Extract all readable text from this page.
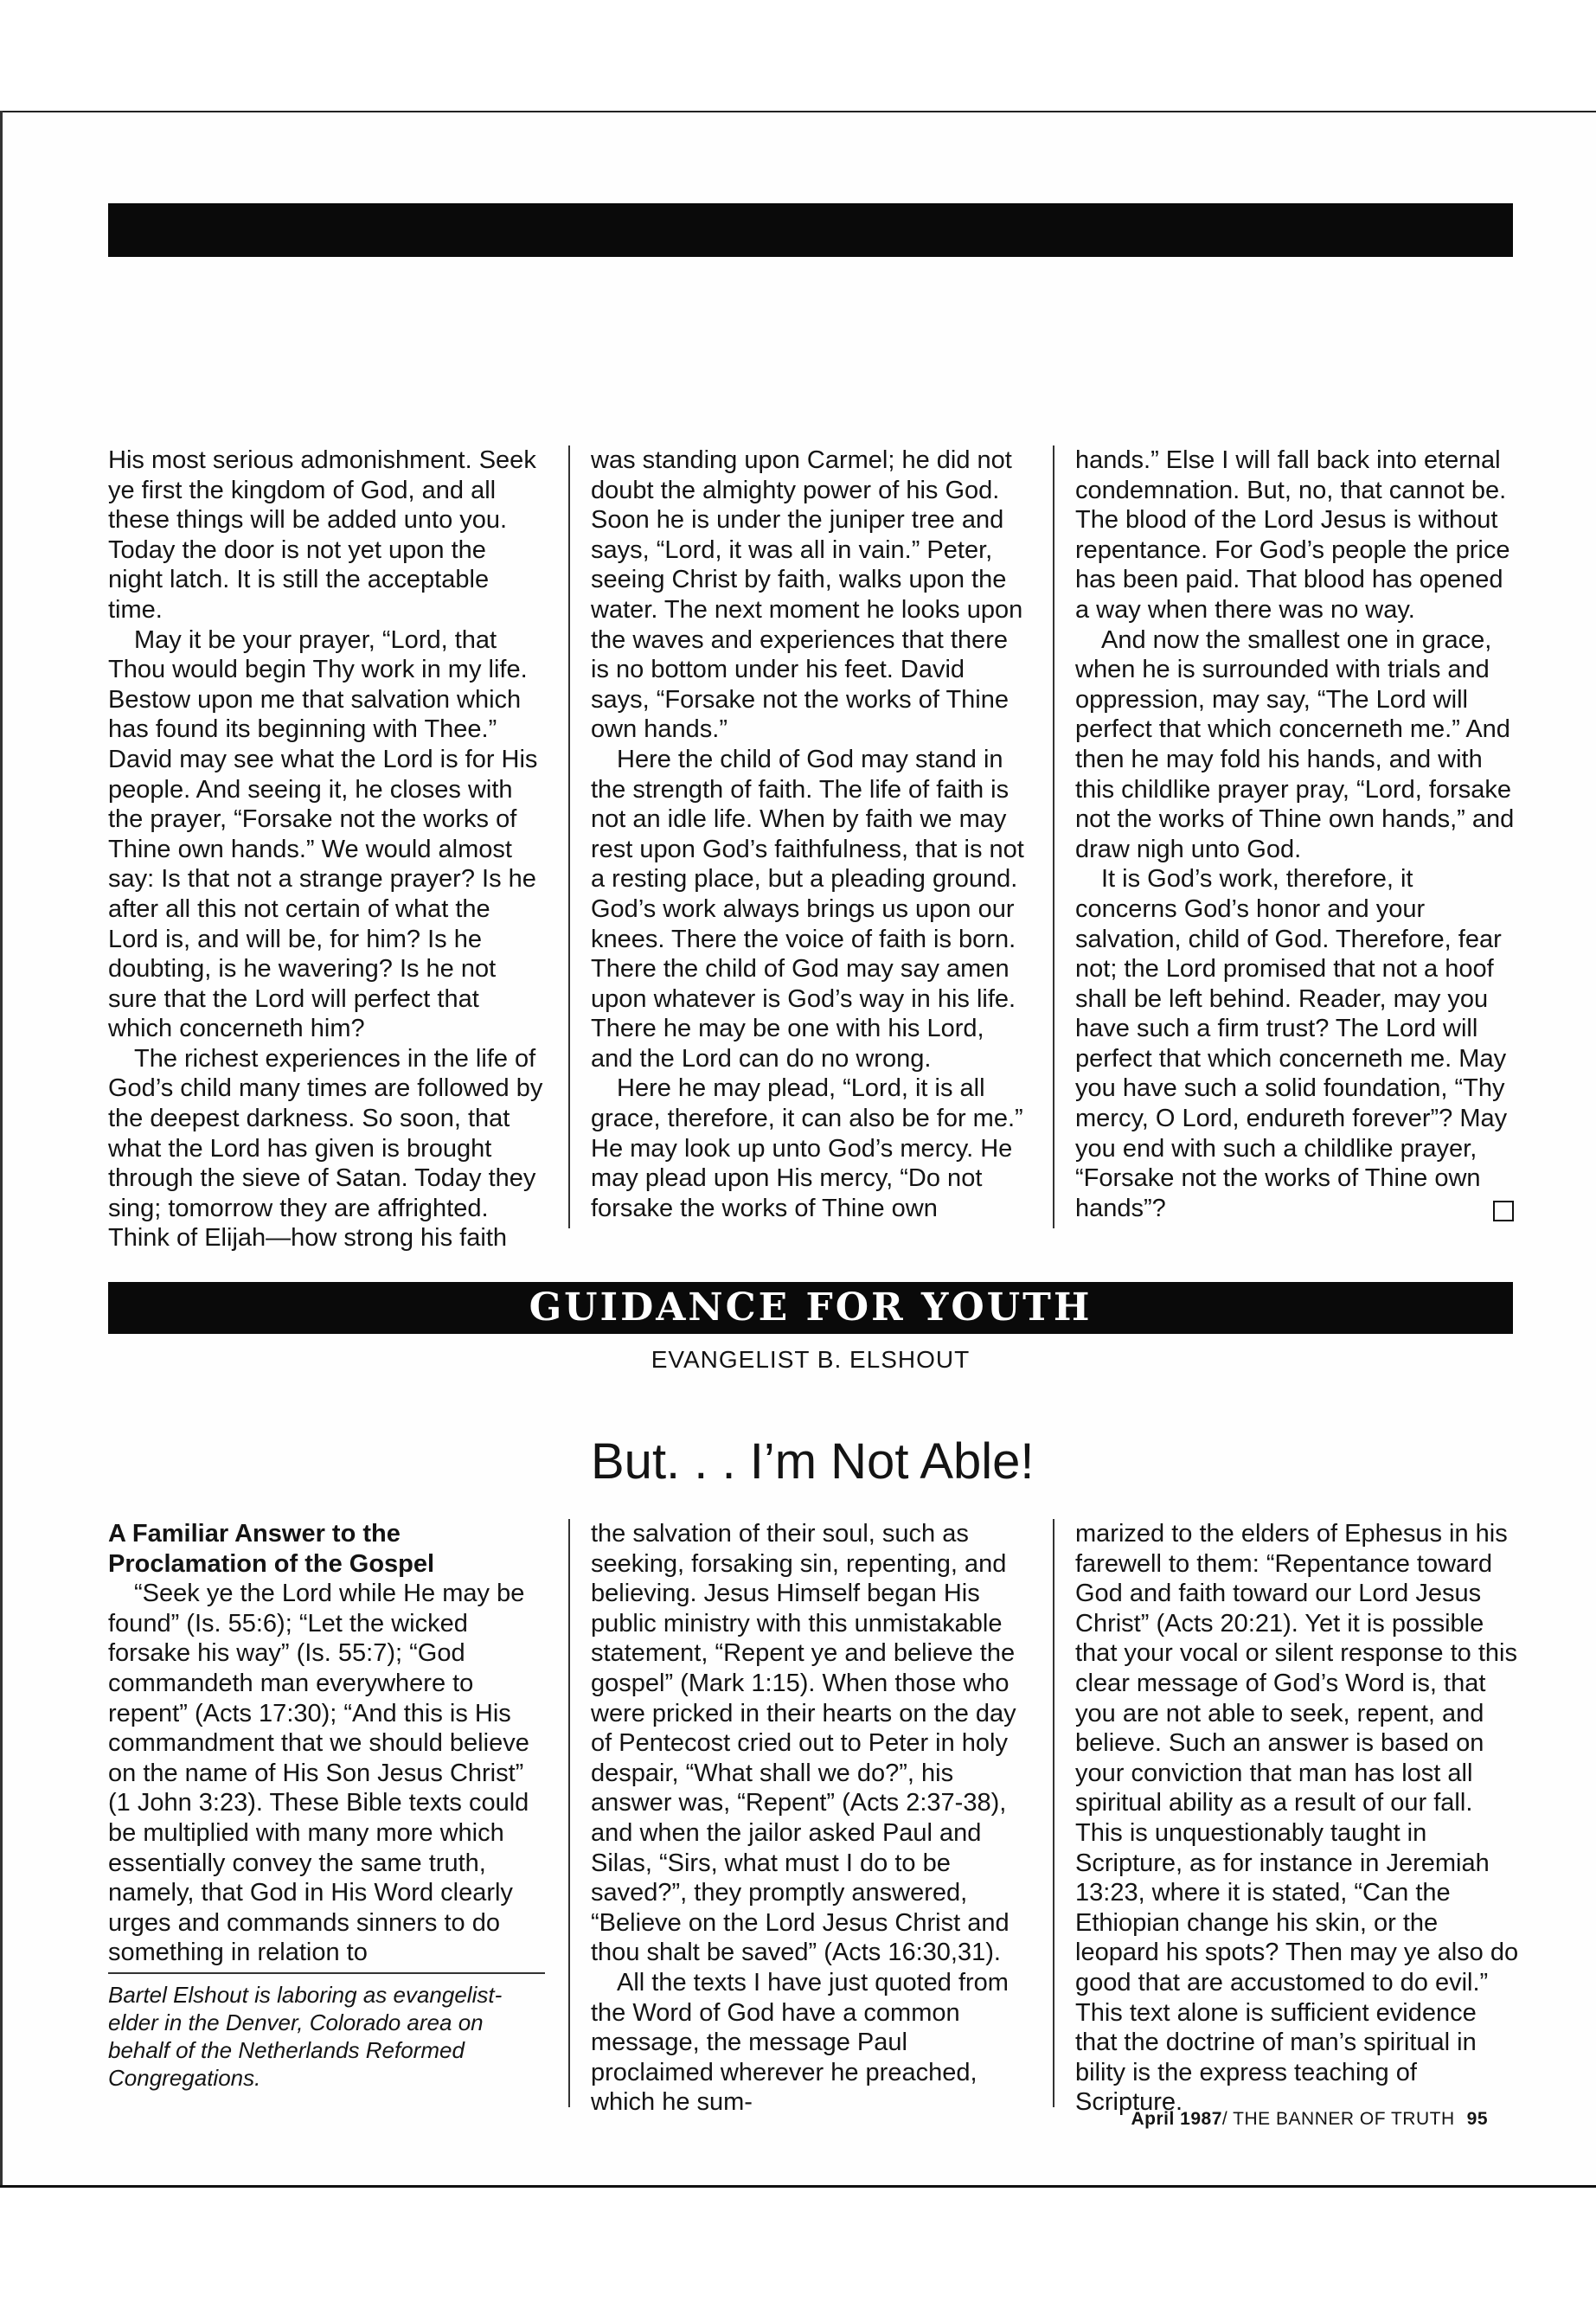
His most serious admonishment. Seek ye first the kingdom of God, and all these things will be added unto you. Today the door is not yet upon the night latch. It is still the acceptable time.

May it be your prayer, “Lord, that Thou would begin Thy work in my life. Bestow upon me that salvation which has found its beginning with Thee.” David may see what the Lord is for His people. And seeing it, he closes with the prayer, “Forsake not the works of Thine own hands.” We would almost say: Is that not a strange prayer? Is he after all this not certain of what the Lord is, and will be, for him? Is he doubting, is he wavering? Is he not sure that the Lord will perfect that which concerneth him?

The richest experiences in the life of God’s child many times are followed by the deepest darkness. So soon, that what the Lord has given is brought through the sieve of Satan. Today they sing; tomorrow they are affrighted. Think of Elijah—how strong his faith

was standing upon Carmel; he did not doubt the almighty power of his God. Soon he is under the juniper tree and says, “Lord, it was all in vain.” Peter, seeing Christ by faith, walks upon the water. The next moment he looks upon the waves and experiences that there is no bottom under his feet. David says, “Forsake not the works of Thine own hands.”

Here the child of God may stand in the strength of faith. The life of faith is not an idle life. When by faith we may rest upon God’s faithfulness, that is not a resting place, but a pleading ground. God’s work always brings us upon our knees. There the voice of faith is born. There the child of God may say amen upon whatever is God’s way in his life. There he may be one with his Lord, and the Lord can do no wrong.

Here he may plead, “Lord, it is all grace, therefore, it can also be for me.” He may look up unto God’s mercy. He may plead upon His mercy, “Do not forsake the works of Thine own

hands.” Else I will fall back into eternal condemnation. But, no, that cannot be. The blood of the Lord Jesus is without repentance. For God’s people the price has been paid. That blood has opened a way when there was no way.

And now the smallest one in grace, when he is surrounded with trials and oppression, may say, “The Lord will perfect that which concerneth me.” And then he may fold his hands, and with this childlike prayer pray, “Lord, forsake not the works of Thine own hands,” and draw nigh unto God.

It is God’s work, therefore, it concerns God’s honor and your salvation, child of God. Therefore, fear not; the Lord promised that not a hoof shall be left behind. Reader, may you have such a firm trust? The Lord will perfect that which concerneth me. May you have such a solid foundation, “Thy mercy, O Lord, endureth forever”? May you end with such a childlike prayer, “Forsake not the works of Thine own hands”?

GUIDANCE FOR YOUTH
EVANGELIST B. ELSHOUT
But. . . I’m Not Able!

A Familiar Answer to the Proclamation of the Gospel

“Seek ye the Lord while He may be found” (Is. 55:6); “Let the wicked forsake his way” (Is. 55:7); “God commandeth man everywhere to repent” (Acts 17:30); “And this is His commandment that we should believe on the name of His Son Jesus Christ” (1 John 3:23). These Bible texts could be multiplied with many more which essentially convey the same truth, namely, that God in His Word clearly urges and commands sinners to do something in relation to

Bartel Elshout is laboring as evangelist-elder in the Denver, Colorado area on behalf of the Netherlands Reformed Congregations.

the salvation of their soul, such as seeking, forsaking sin, repenting, and believing. Jesus Himself began His public ministry with this unmistakable statement, “Repent ye and believe the gospel” (Mark 1:15). When those who were pricked in their hearts on the day of Pentecost cried out to Peter in holy despair, “What shall we do?”, his answer was, “Repent” (Acts 2:37-38), and when the jailor asked Paul and Silas, “Sirs, what must I do to be saved?”, they promptly answered, “Believe on the Lord Jesus Christ and thou shalt be saved” (Acts 16:30,31).

All the texts I have just quoted from the Word of God have a common message, the message Paul proclaimed wherever he preached, which he sum-

marized to the elders of Ephesus in his farewell to them: “Repentance toward God and faith toward our Lord Jesus Christ” (Acts 20:21). Yet it is possible that your vocal or silent response to this clear message of God’s Word is, that you are not able to seek, repent, and believe. Such an answer is based on your conviction that man has lost all spiritual ability as a result of our fall. This is unquestionably taught in Scripture, as for instance in Jeremiah 13:23, where it is stated, “Can the Ethiopian change his skin, or the leopard his spots? Then may ye also do good that are accustomed to do evil.” This text alone is sufficient evidence that the doctrine of man’s spiritual in bility is the express teaching of Scripture.

April 1987/ THE BANNER OF TRUTH 95
